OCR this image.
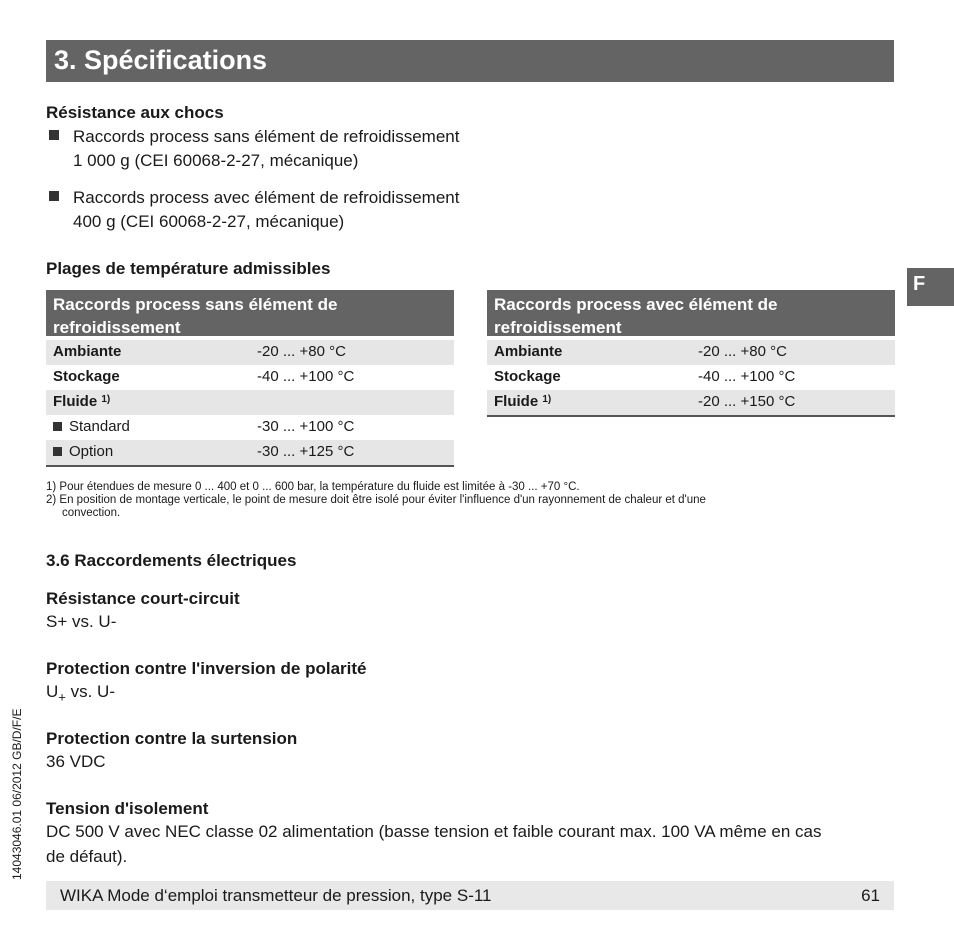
3. Spécifications
F
Résistance aux chocs
Raccords process sans élément de refroidissement
1 000 g (CEI 60068-2-27, mécanique)
Raccords process avec élément de refroidissement
400 g (CEI 60068-2-27, mécanique)
Plages de température admissibles
Raccords process sans élément de
refroidissement
Ambiante	-20 ... +80 °C
Stockage	-40 ... +100 °C
Fluide $^{1)}$
Standard	-30 ... +100 °C
Option	-30 ... +125 °C
Raccords process avec élément de
refroidissement
Ambiante	-20 ... +80 °C
Stockage	-40 ... +100 °C
Fluide $^{1)}$	-20 ... +150 °C
1) Pour étendues de mesure 0 ... 400 et 0 ... 600 bar, la température du fluide est limitée à -30 ... +70 °C.
2) En position de montage verticale, le point de mesure doit être isolé pour éviter l'influence d'un rayonnement de chaleur et d'une
convection.
3.6 Raccordements électriques
Résistance court-circuit
S+ vs. U-
Protection contre l'inversion de polarité
$U_+$ vs. U-
Protection contre la surtension
36 VDC
Tension d'isolement
DC 500 V avec NEC classe 02 alimentation (basse tension et faible courant max. 100 VA même en cas
de défaut).
14043046.01 06/2012 GB/D/F/E
WIKA Mode d‘emploi transmetteur de pression, type S-11	61
